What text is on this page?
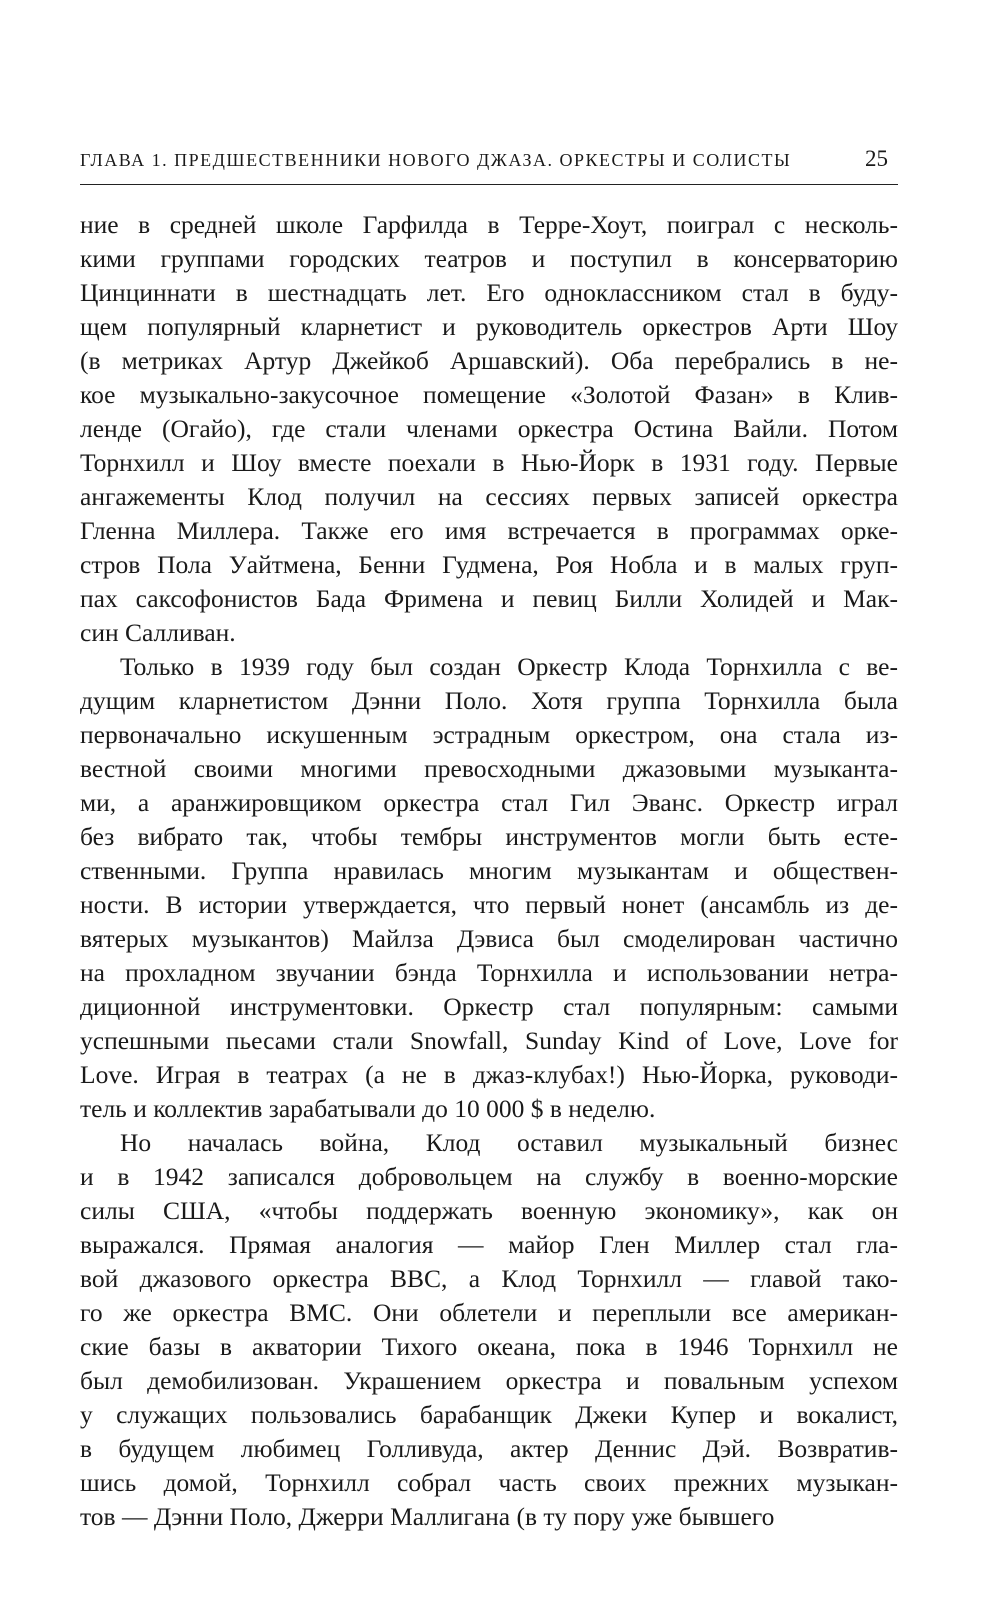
ГЛАВА 1. ПРЕДШЕСТВЕННИКИ НОВОГО ДЖАЗА. ОРКЕСТРЫ И СОЛИСТЫ	25
ние в средней школе Гарфилда в Терре-Хоут, поиграл с несколь-
кими группами городских театров и поступил в консерваторию
Цинциннати в шестнадцать лет. Его одноклассником стал в буду-
щем популярный кларнетист и руководитель оркестров Арти Шоу
(в метриках Артур Джейкоб Аршавский). Оба перебрались в не-
кое музыкально-закусочное помещение «Золотой Фазан» в Клив-
ленде (Огайо), где стали членами оркестра Остина Вайли. Потом
Торнхилл и Шоу вместе поехали в Нью-Йорк в 1931 году. Первые
ангажементы Клод получил на сессиях первых записей оркестра
Гленна Миллера. Также его имя встречается в программах орке-
стров Пола Уайтмена, Бенни Гудмена, Роя Нобла и в малых груп-
пах саксофонистов Бада Фримена и певиц Билли Холидей и Мак-
син Салливан.
Только в 1939 году был создан Оркестр Клода Торнхилла с ве-
дущим кларнетистом Дэнни Поло. Хотя группа Торнхилла была
первоначально искушенным эстрадным оркестром, она стала из-
вестной своими многими превосходными джазовыми музыканта-
ми, а аранжировщиком оркестра стал Гил Эванс. Оркестр играл
без вибрато так, чтобы тембры инструментов могли быть есте-
ственными. Группа нравилась многим музыкантам и обществен-
ности. В истории утверждается, что первый нонет (ансамбль из де-
вятерых музыкантов) Майлза Дэвиса был смоделирован частично
на прохладном звучании бэнда Торнхилла и использовании нетра-
диционной инструментовки. Оркестр стал популярным: самыми
успешными пьесами стали Snowfall, Sunday Kind of Love, Love for
Love. Играя в театрах (а не в джаз-клубах!) Нью-Йорка, руководи-
тель и коллектив зарабатывали до 10 000 $ в неделю.
Но началась война, Клод оставил музыкальный бизнес
и в 1942 записался добровольцем на службу в военно-морские
силы США, «чтобы поддержать военную экономику», как он
выражался. Прямая аналогия — майор Глен Миллер стал гла-
вой джазового оркестра BBC, а Клод Торнхилл — главой тако-
го же оркестра ВМС. Они облетели и переплыли все американ-
ские базы в акватории Тихого океана, пока в 1946 Торнхилл не
был демобилизован. Украшением оркестра и повальным успехом
у служащих пользовались барабанщик Джеки Купер и вокалист,
в будущем любимец Голливуда, актер Деннис Дэй. Возвратив-
шись домой, Торнхилл собрал часть своих прежних музыкан-
тов — Дэнни Поло, Джерри Маллигана (в ту пору уже бывшего
